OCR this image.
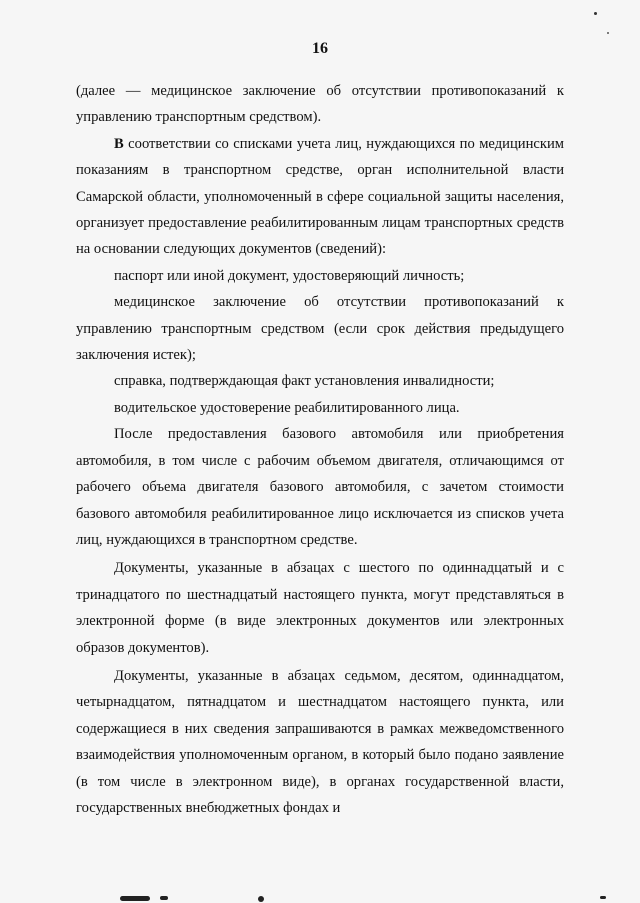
16

(далее — медицинское заключение об отсутствии противопоказаний к управлению транспортным средством).

В соответствии со списками учета лиц, нуждающихся по медицинским показаниям в транспортном средстве, орган исполнительной власти Самарской области, уполномоченный в сфере социальной защиты населения, организует предоставление реабилитированным лицам транспортных средств на основании следующих документов (сведений):

паспорт или иной документ, удостоверяющий личность;

медицинское заключение об отсутствии противопоказаний к управлению транспортным средством (если срок действия предыдущего заключения истек);

справка, подтверждающая факт установления инвалидности;

водительское удостоверение реабилитированного лица.

После предоставления базового автомобиля или приобретения автомобиля, в том числе с рабочим объемом двигателя, отличающимся от рабочего объема двигателя базового автомобиля, с зачетом стоимости базового автомобиля реабилитированное лицо исключается из списков учета лиц, нуждающихся в транспортном средстве.

Документы, указанные в абзацах с шестого по одиннадцатый и с тринадцатого по шестнадцатый настоящего пункта, могут представляться в электронной форме (в виде электронных документов или электронных образов документов).

Документы, указанные в абзацах седьмом, десятом, одиннадцатом, четырнадцатом, пятнадцатом и шестнадцатом настоящего пункта, или содержащиеся в них сведения запрашиваются в рамках межведомственного взаимодействия уполномоченным органом, в который было подано заявление (в том числе в электронном виде), в органах государственной власти, государственных внебюджетных фондах и
